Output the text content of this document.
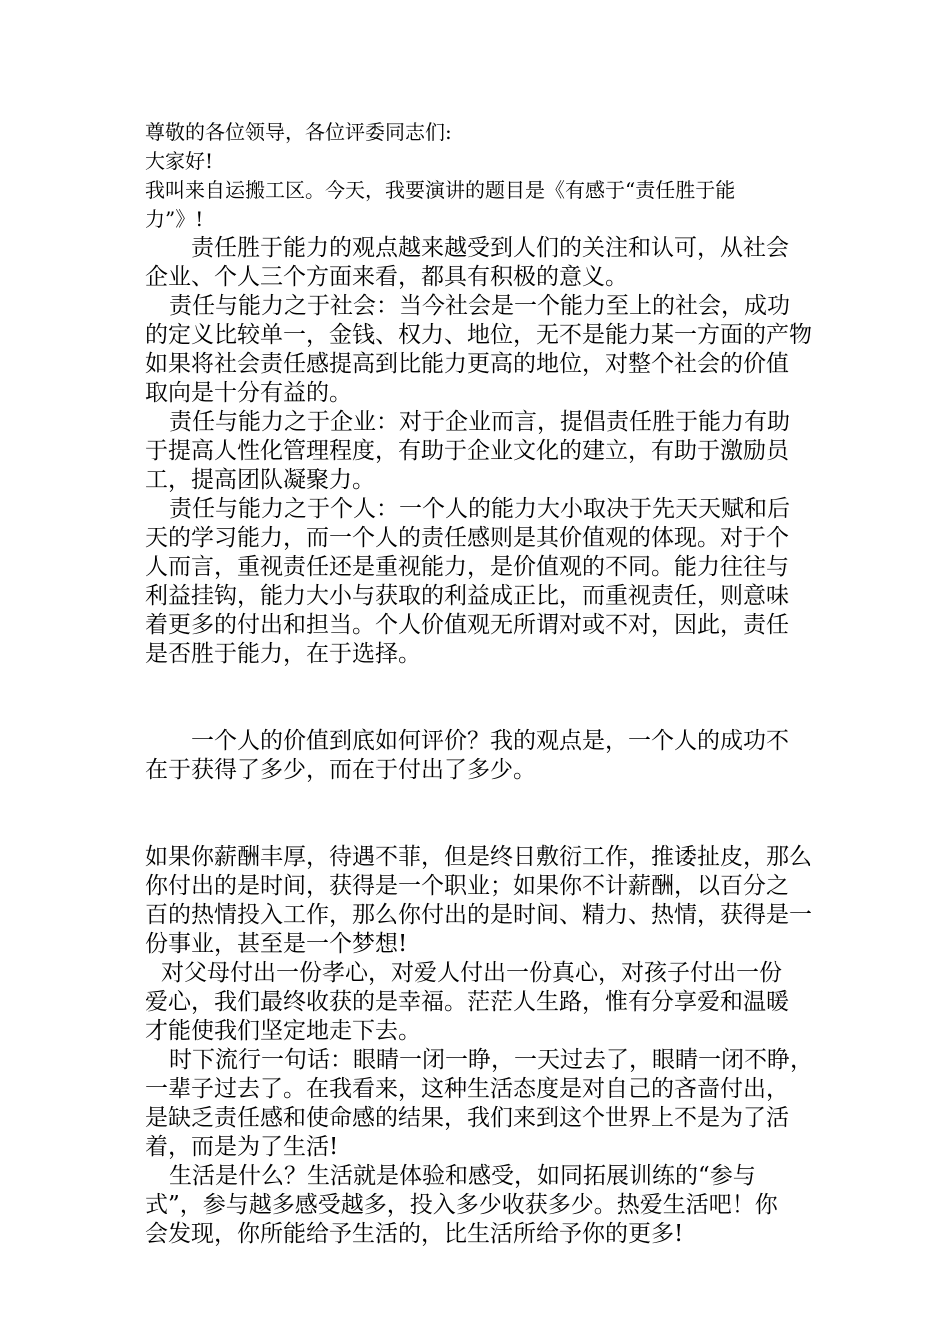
尊敬的各位领导，各位评委同志们:
大家好!
我叫来自运搬工区。今天，我要演讲的题目是《有感于“责任胜于能
力”》!
责任胜于能力的观点越来越受到人们的关注和认可，从社会
企业、个人三个方面来看，都具有积极的意义。
责任与能力之于社会：当今社会是一个能力至上的社会，成功
的定义比较单一，金钱、权力、地位，无不是能力某一方面的产物
如果将社会责任感提高到比能力更高的地位，对整个社会的价值
取向是十分有益的。
责任与能力之于企业：对于企业而言，提倡责任胜于能力有助
于提高人性化管理程度，有助于企业文化的建立，有助于激励员
工，提高团队凝聚力。
责任与能力之于个人：一个人的能力大小取决于先天天赋和后
天的学习能力，而一个人的责任感则是其价值观的体现。对于个
人而言，重视责任还是重视能力，是价值观的不同。能力往往与
利益挂钩，能力大小与获取的利益成正比，而重视责任，则意味
着更多的付出和担当。个人价值观无所谓对或不对，因此，责任
是否胜于能力，在于选择。
一个人的价值到底如何评价？我的观点是，一个人的成功不
在于获得了多少，而在于付出了多少。
如果你薪酬丰厚，待遇不菲，但是终日敷衍工作，推诿扯皮，那么
你付出的是时间，获得是一个职业；如果你不计薪酬，以百分之
百的热情投入工作，那么你付出的是时间、精力、热情，获得是一
份事业，甚至是一个梦想!
对父母付出一份孝心，对爱人付出一份真心，对孩子付出一份
爱心，我们最终收获的是幸福。茫茫人生路，惟有分享爱和温暖
才能使我们坚定地走下去。
时下流行一句话：眼睛一闭一睁，一天过去了，眼睛一闭不睁，
一辈子过去了。在我看来，这种生活态度是对自己的吝啬付出，
是缺乏责任感和使命感的结果，我们来到这个世界上不是为了活
着，而是为了生活!
生活是什么？生活就是体验和感受，如同拓展训练的“参与
式”，参与越多感受越多，投入多少收获多少。热爱生活吧！你
会发现，你所能给予生活的，比生活所给予你的更多!
